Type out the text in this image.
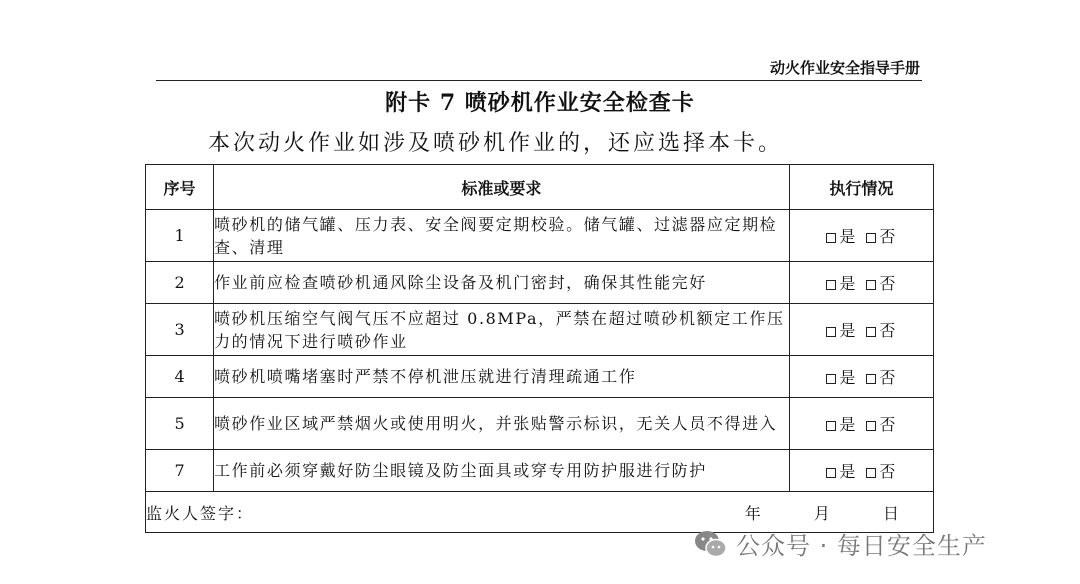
动火作业安全指导手册
附卡 7 喷砂机作业安全检查卡
本次动火作业如涉及喷砂机作业的，还应选择本卡。
序号	标准或要求	执行情况
1	喷砂机的储气罐、压力表、安全阀要定期校验。储气罐、过滤器应定期检查、清理	是 否
2	作业前应检查喷砂机通风除尘设备及机门密封，确保其性能完好	是 否
3	喷砂机压缩空气阀气压不应超过 0.8MPa，严禁在超过喷砂机额定工作压力的情况下进行喷砂作业	是 否
4	喷砂机喷嘴堵塞时严禁不停机泄压就进行清理疏通工作	是 否
5	喷砂作业区域严禁烟火或使用明火，并张贴警示标识，无关人员不得进入	是 否
7	工作前必须穿戴好防尘眼镜及防尘面具或穿专用防护服进行防护	是 否
监火人签字： 年 月 日		
公众号 · 每日安全生产
